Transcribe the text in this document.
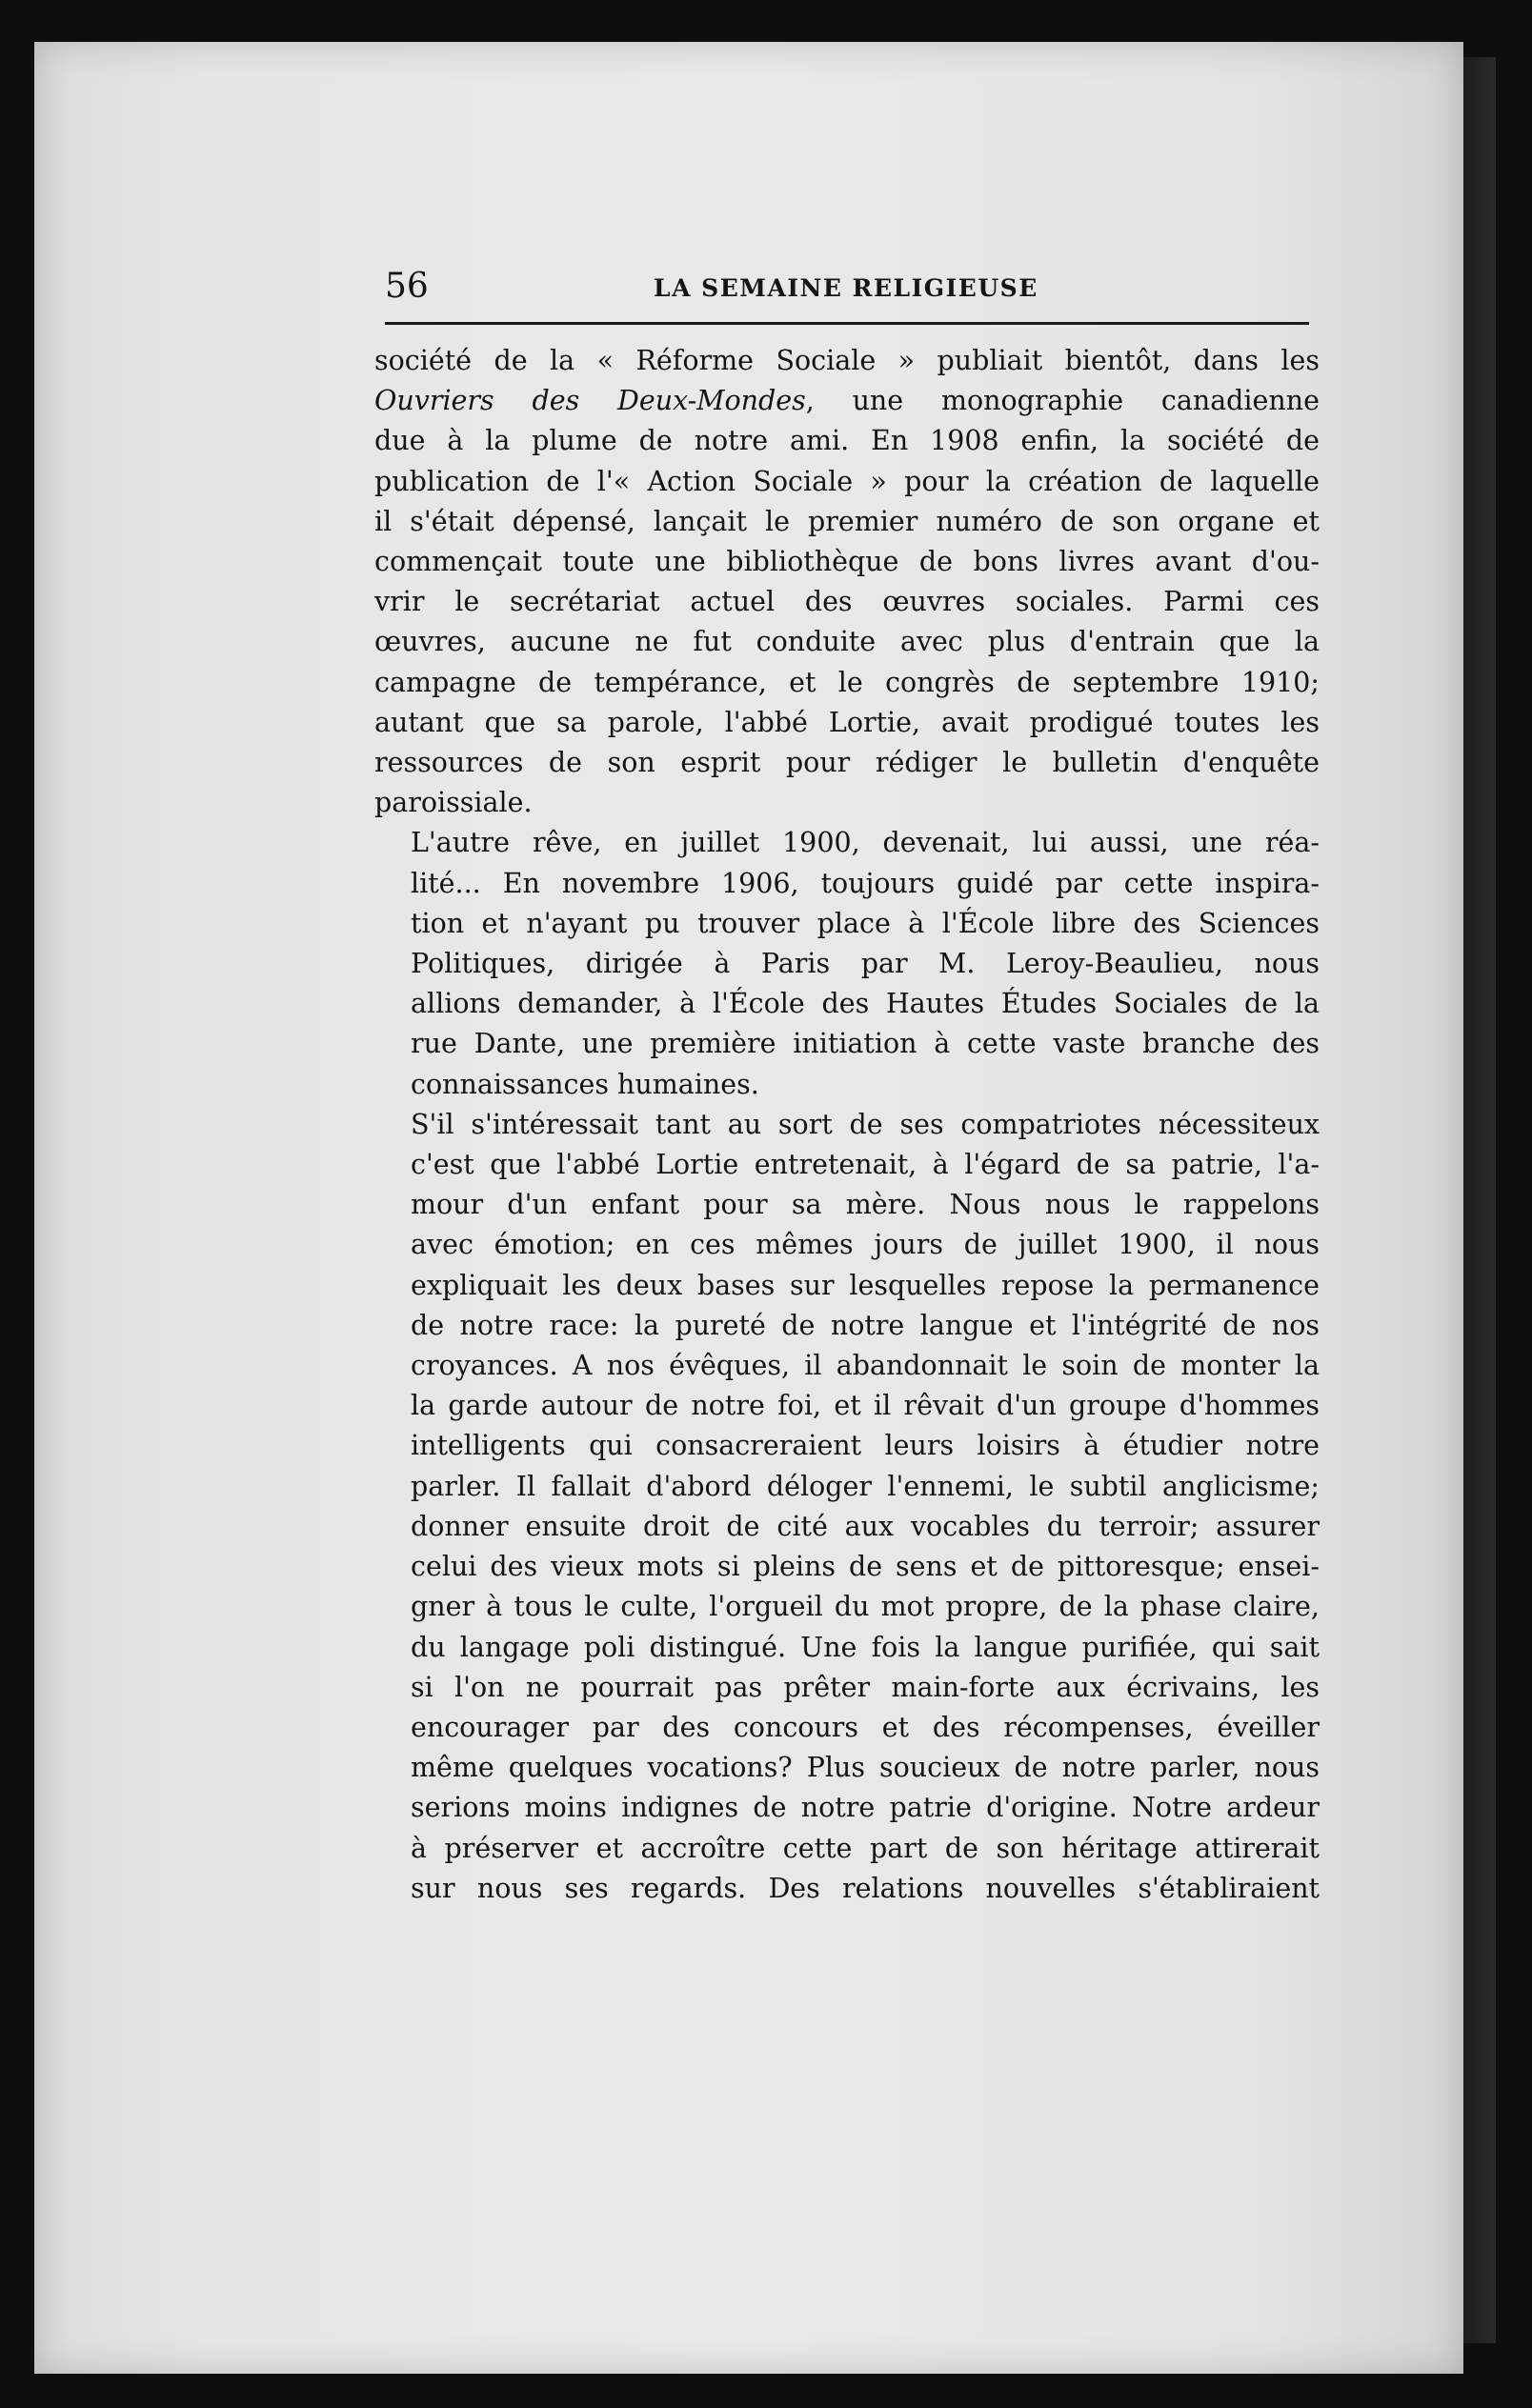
56	LA SEMAINE RELIGIEUSE

société de la « Réforme Sociale » publiait bientôt, dans les
Ouvriers des Deux-Mondes, une monographie canadienne
due à la plume de notre ami. En 1908 enfin, la société de
publication de l'« Action Sociale » pour la création de laquelle
il s'était dépensé, lançait le premier numéro de son organe et
commençait toute une bibliothèque de bons livres avant d'ou-
vrir le secrétariat actuel des œuvres sociales. Parmi ces
œuvres, aucune ne fut conduite avec plus d'entrain que la
campagne de tempérance, et le congrès de septembre 1910;
autant que sa parole, l'abbé Lortie, avait prodigué toutes les
ressources de son esprit pour rédiger le bulletin d'enquête
paroissiale.

L'autre rêve, en juillet 1900, devenait, lui aussi, une réa-
lité... En novembre 1906, toujours guidé par cette inspira-
tion et n'ayant pu trouver place à l'École libre des Sciences
Politiques, dirigée à Paris par M. Leroy-Beaulieu, nous
allions demander, à l'École des Hautes Études Sociales de la
rue Dante, une première initiation à cette vaste branche des
connaissances humaines.

S'il s'intéressait tant au sort de ses compatriotes nécessiteux
c'est que l'abbé Lortie entretenait, à l'égard de sa patrie, l'a-
mour d'un enfant pour sa mère. Nous nous le rappelons
avec émotion; en ces mêmes jours de juillet 1900, il nous
expliquait les deux bases sur lesquelles repose la permanence
de notre race: la pureté de notre langue et l'intégrité de nos
croyances. A nos évêques, il abandonnait le soin de monter la
la garde autour de notre foi, et il rêvait d'un groupe d'hommes
intelligents qui consacreraient leurs loisirs à étudier notre
parler. Il fallait d'abord déloger l'ennemi, le subtil anglicisme;
donner ensuite droit de cité aux vocables du terroir; assurer
celui des vieux mots si pleins de sens et de pittoresque; ensei-
gner à tous le culte, l'orgueil du mot propre, de la phase claire,
du langage poli distingué. Une fois la langue purifiée, qui sait
si l'on ne pourrait pas prêter main-forte aux écrivains, les
encourager par des concours et des récompenses, éveiller
même quelques vocations? Plus soucieux de notre parler, nous
serions moins indignes de notre patrie d'origine. Notre ardeur
à préserver et accroître cette part de son héritage attirerait
sur nous ses regards. Des relations nouvelles s'établiraient
